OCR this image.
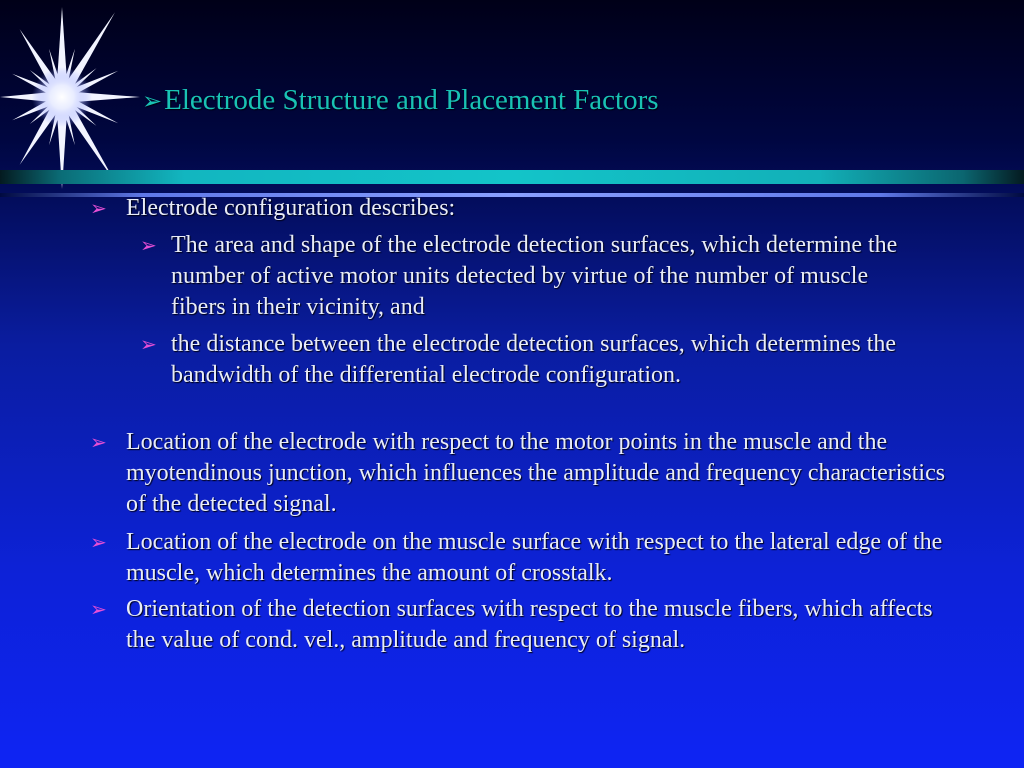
➢Electrode Structure and Placement Factors
➢ Electrode configuration describes:
➢ The area and shape of the electrode detection surfaces, which determine the number of active motor units detected by virtue of the number of muscle fibers in their vicinity, and
➢ the distance between the electrode detection surfaces, which determines the bandwidth of the differential electrode configuration.
➢ Location of the electrode with respect to the motor points in the muscle and the myotendinous junction, which influences the amplitude and frequency characteristics of the detected signal.
➢ Location of the electrode on the muscle surface with respect to the lateral edge of the muscle, which determines the amount of crosstalk.
➢ Orientation of the detection surfaces with respect to the muscle fibers, which affects the value of cond. vel., amplitude and frequency of signal.
